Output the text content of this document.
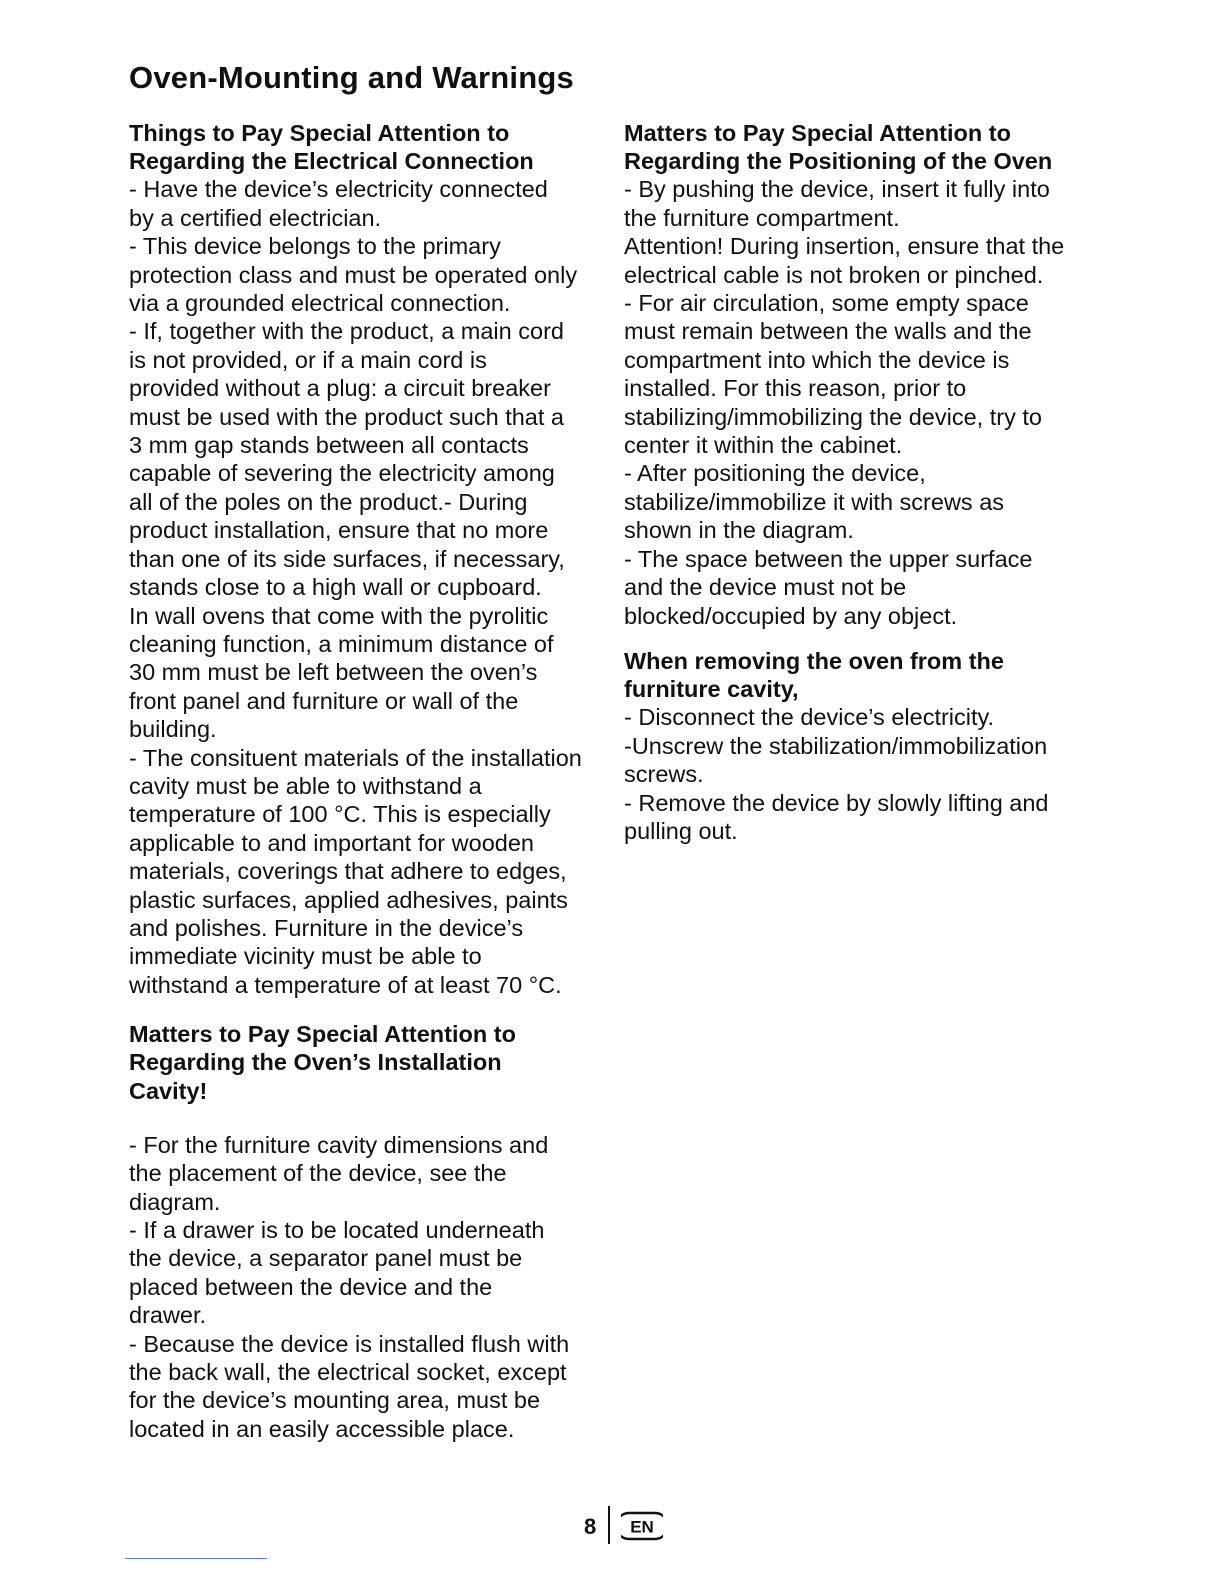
Oven-Mounting and Warnings
Things to Pay Special Attention to
Regarding the Electrical Connection
- Have the device’s electricity connected
by a certified electrician.
- This device belongs to the primary
protection class and must be operated only
via a grounded electrical connection.
- If, together with the product, a main cord
is not provided, or if a main cord is
provided without a plug: a circuit breaker
must be used with the product such that a
3 mm gap stands between all contacts
capable of severing the electricity among
all of the poles on the product.- During
product installation, ensure that no more
than one of its side surfaces, if necessary,
stands close to a high wall or cupboard.
In wall ovens that come with the pyrolitic
cleaning function, a minimum distance of
30 mm must be left between the oven’s
front panel and furniture or wall of the
building.
- The consituent materials of the installation
cavity must be able to withstand a
temperature of 100 °C. This is especially
applicable to and important for wooden
materials, coverings that adhere to edges,
plastic surfaces, applied adhesives, paints
and polishes. Furniture in the device’s
immediate vicinity must be able to
withstand a temperature of at least 70 °C.
Matters to Pay Special Attention to
Regarding the Oven’s Installation
Cavity!
- For the furniture cavity dimensions and
the placement of the device, see the
diagram.
- If a drawer is to be located underneath
the device, a separator panel must be
placed between the device and the
drawer.
- Because the device is installed flush with
the back wall, the electrical socket, except
for the device’s mounting area, must be
located in an easily accessible place.
Matters to Pay Special Attention to
Regarding the Positioning of the Oven
- By pushing the device, insert it fully into
the furniture compartment.
Attention! During insertion, ensure that the
electrical cable is not broken or pinched.
- For air circulation, some empty space
must remain between the walls and the
compartment into which the device is
installed. For this reason, prior to
stabilizing/immobilizing the device, try to
center it within the cabinet.
- After positioning the device,
stabilize/immobilize it with screws as
shown in the diagram.
- The space between the upper surface
and the device must not be
blocked/occupied by any object.
When removing the oven from the
furniture cavity,
- Disconnect the device’s electricity.
-Unscrew the stabilization/immobilization
screws.
- Remove the device by slowly lifting and
pulling out.
8 EN
